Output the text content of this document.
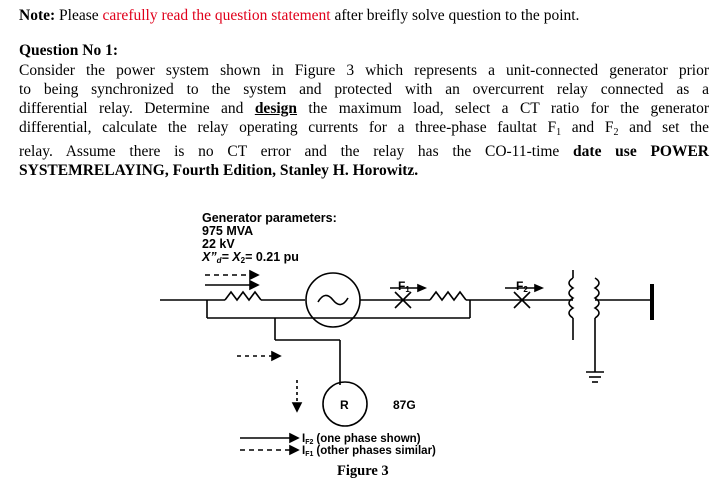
Note: Please carefully read the question statement after breifly solve question to the point.
Question No 1:
Consider the power system shown in Figure 3 which represents a unit-connected generator prior
to being synchronized to the system and protected with an overcurrent relay connected as a
differential relay. Determine and design the maximum load, select a CT ratio for the generator
differential, calculate the relay operating currents for a three-phase faultat $F_1$ and $F_2$ and set the
relay. Assume there is no CT error and the relay has the CO-11-time date use POWER
SYSTEMRELAYING, Fourth Edition, Stanley H. Horowitz.
Generator parameters:
975 MVA
22 kV
X”d= X2= 0.21 pu
F1	F2
R	87G
IF2 (one phase shown)
IF1 (other phases similar)
Figure 3
